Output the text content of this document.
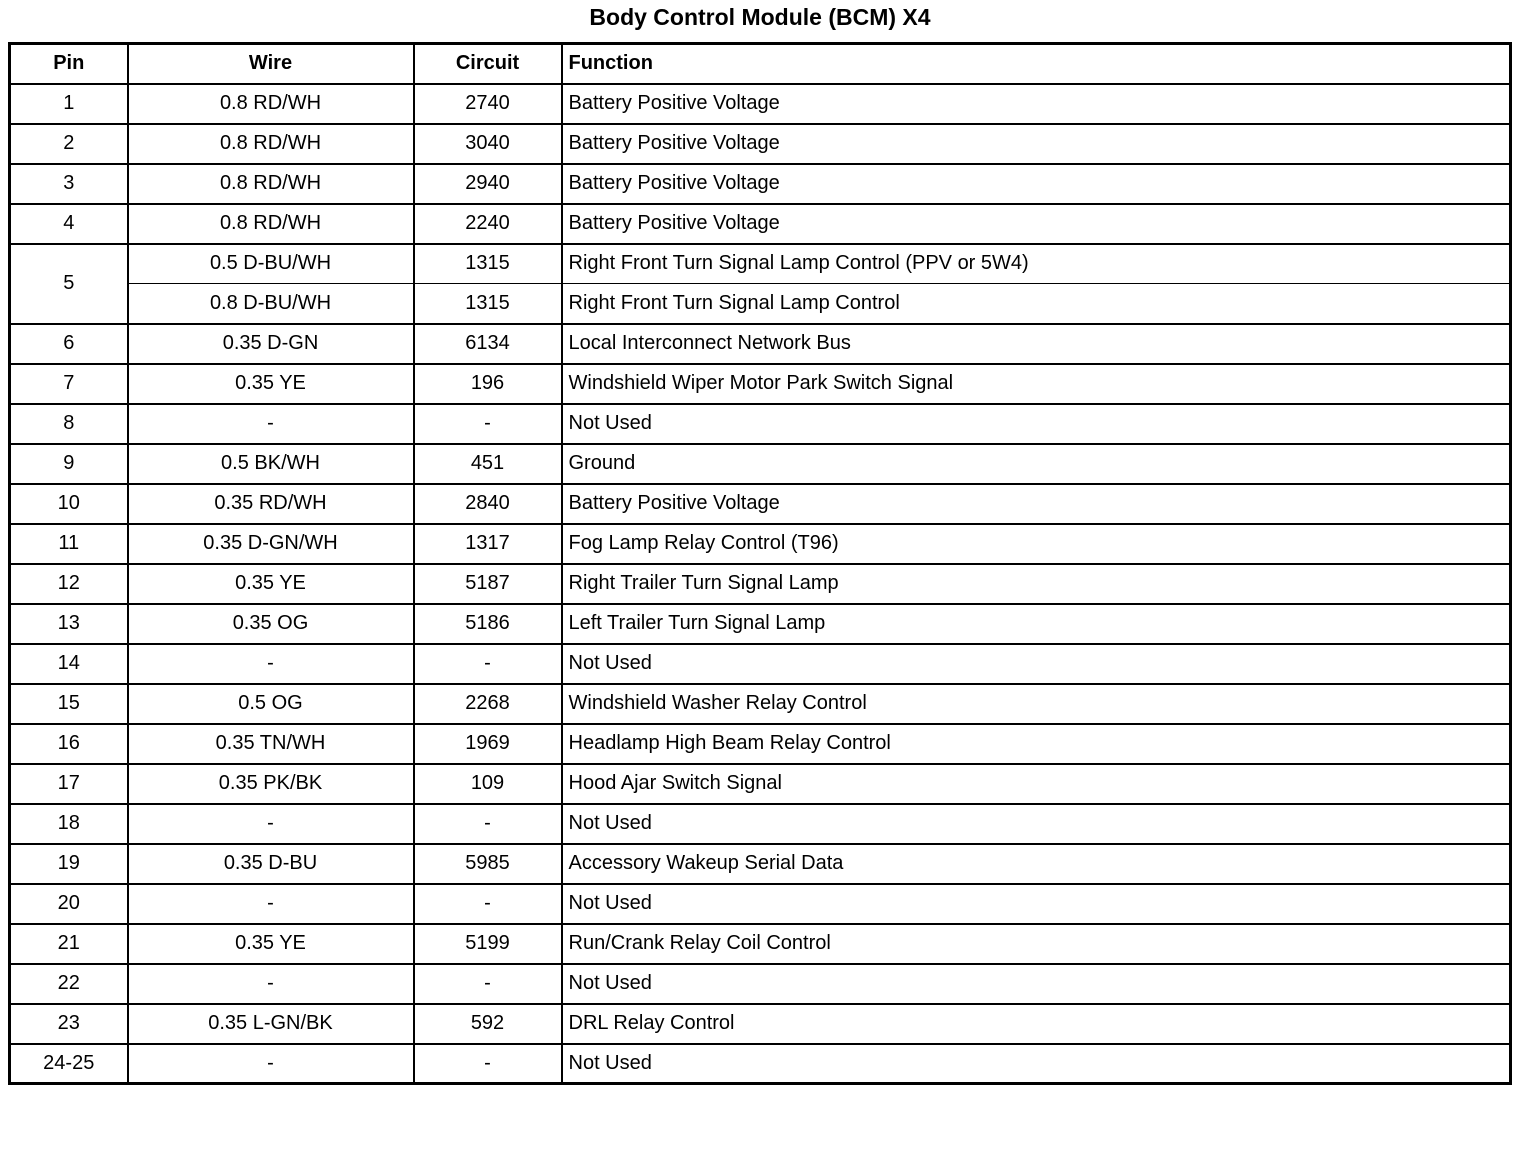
Body Control Module (BCM) X4
Pin	Wire	Circuit	Function
1	0.8 RD/WH	2740	Battery Positive Voltage
2	0.8 RD/WH	3040	Battery Positive Voltage
3	0.8 RD/WH	2940	Battery Positive Voltage
4	0.8 RD/WH	2240	Battery Positive Voltage
5	0.5 D-BU/WH	1315	Right Front Turn Signal Lamp Control (PPV or 5W4)
	0.8 D-BU/WH	1315	Right Front Turn Signal Lamp Control
6	0.35 D-GN	6134	Local Interconnect Network Bus
7	0.35 YE	196	Windshield Wiper Motor Park Switch Signal
8	-	-	Not Used
9	0.5 BK/WH	451	Ground
10	0.35 RD/WH	2840	Battery Positive Voltage
11	0.35 D-GN/WH	1317	Fog Lamp Relay Control (T96)
12	0.35 YE	5187	Right Trailer Turn Signal Lamp
13	0.35 OG	5186	Left Trailer Turn Signal Lamp
14	-	-	Not Used
15	0.5 OG	2268	Windshield Washer Relay Control
16	0.35 TN/WH	1969	Headlamp High Beam Relay Control
17	0.35 PK/BK	109	Hood Ajar Switch Signal
18	-	-	Not Used
19	0.35 D-BU	5985	Accessory Wakeup Serial Data
20	-	-	Not Used
21	0.35 YE	5199	Run/Crank Relay Coil Control
22	-	-	Not Used
23	0.35 L-GN/BK	592	DRL Relay Control
24-25	-	-	Not Used
